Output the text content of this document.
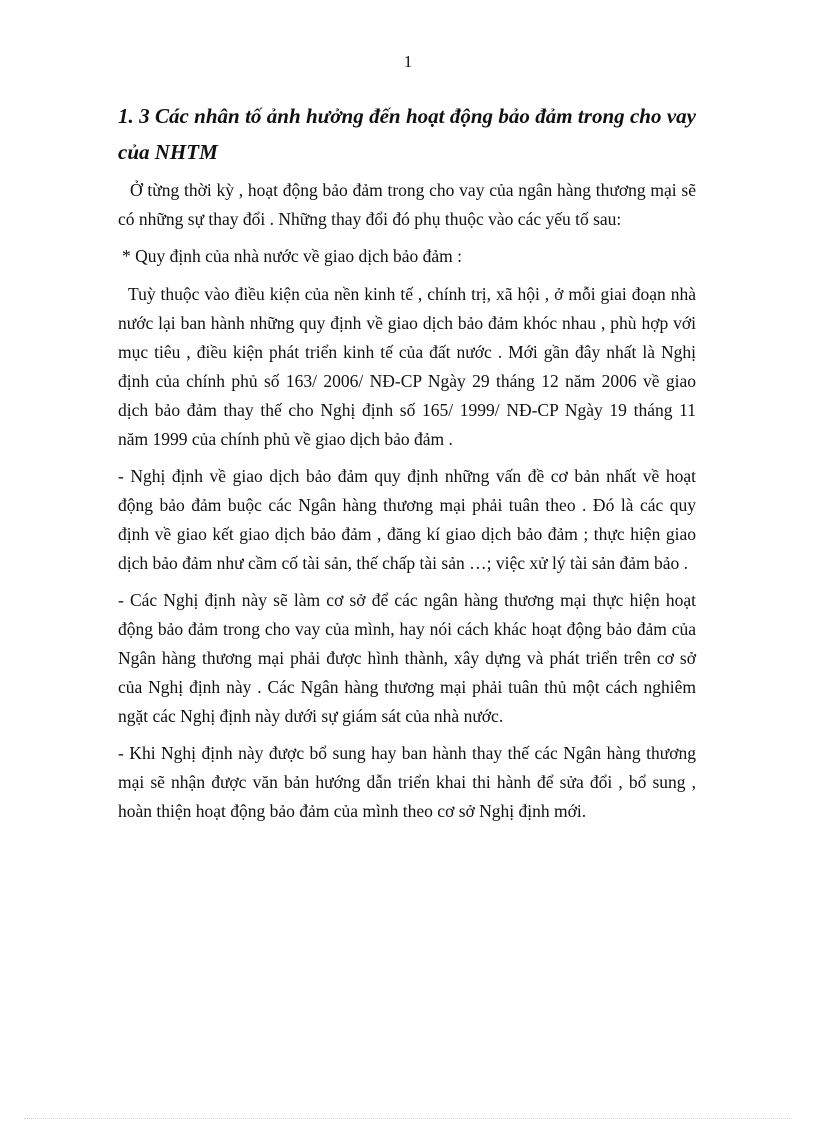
1
1. 3 Các nhân tố ảnh hưởng đến hoạt động bảo đảm trong cho vay của NHTM

Ở từng thời kỳ , hoạt động bảo đảm trong cho vay của ngân hàng thương mại sẽ có những sự thay đổi . Những thay đổi đó phụ thuộc vào các yếu tố sau:

* Quy định của nhà nước về giao dịch bảo đảm :

Tuỳ thuộc vào điều kiện của nền kinh tế , chính trị, xã hội , ở mỗi giai đoạn nhà nước lại ban hành những quy định về giao dịch bảo đảm khóc nhau , phù hợp với mục tiêu , điều kiện phát triển kinh tế của đất nước . Mới gần đây nhất là Nghị định của chính phủ số 163/ 2006/ NĐ-CP Ngày 29 tháng 12 năm 2006 về giao dịch bảo đảm thay thế cho Nghị định số 165/ 1999/ NĐ-CP Ngày 19 tháng 11 năm 1999 của chính phủ về giao dịch bảo đảm .

- Nghị định về giao dịch bảo đảm quy định những vấn đề cơ bản nhất về hoạt động bảo đảm buộc các Ngân hàng thương mại phải tuân theo . Đó là các quy định về giao kết giao dịch bảo đảm , đăng kí giao dịch bảo đảm ; thực hiện giao dịch bảo đảm như cầm cố tài sản, thế chấp tài sản …; việc xử lý tài sản đảm bảo .

- Các Nghị định này sẽ làm cơ sở để các ngân hàng thương mại thực hiện hoạt động bảo đảm trong cho vay của mình, hay nói cách khác hoạt động bảo đảm của Ngân hàng thương mại phải được hình thành, xây dựng và phát triển trên cơ sở của Nghị định này . Các Ngân hàng thương mại phải tuân thủ một cách nghiêm ngặt các Nghị định này dưới sự giám sát của nhà nước.

- Khi Nghị định này được bổ sung hay ban hành thay thế các Ngân hàng thương mại sẽ nhận được văn bản hướng dẫn triển khai thi hành để sửa đổi , bổ sung , hoàn thiện hoạt động bảo đảm của mình theo cơ sở Nghị định mới.
